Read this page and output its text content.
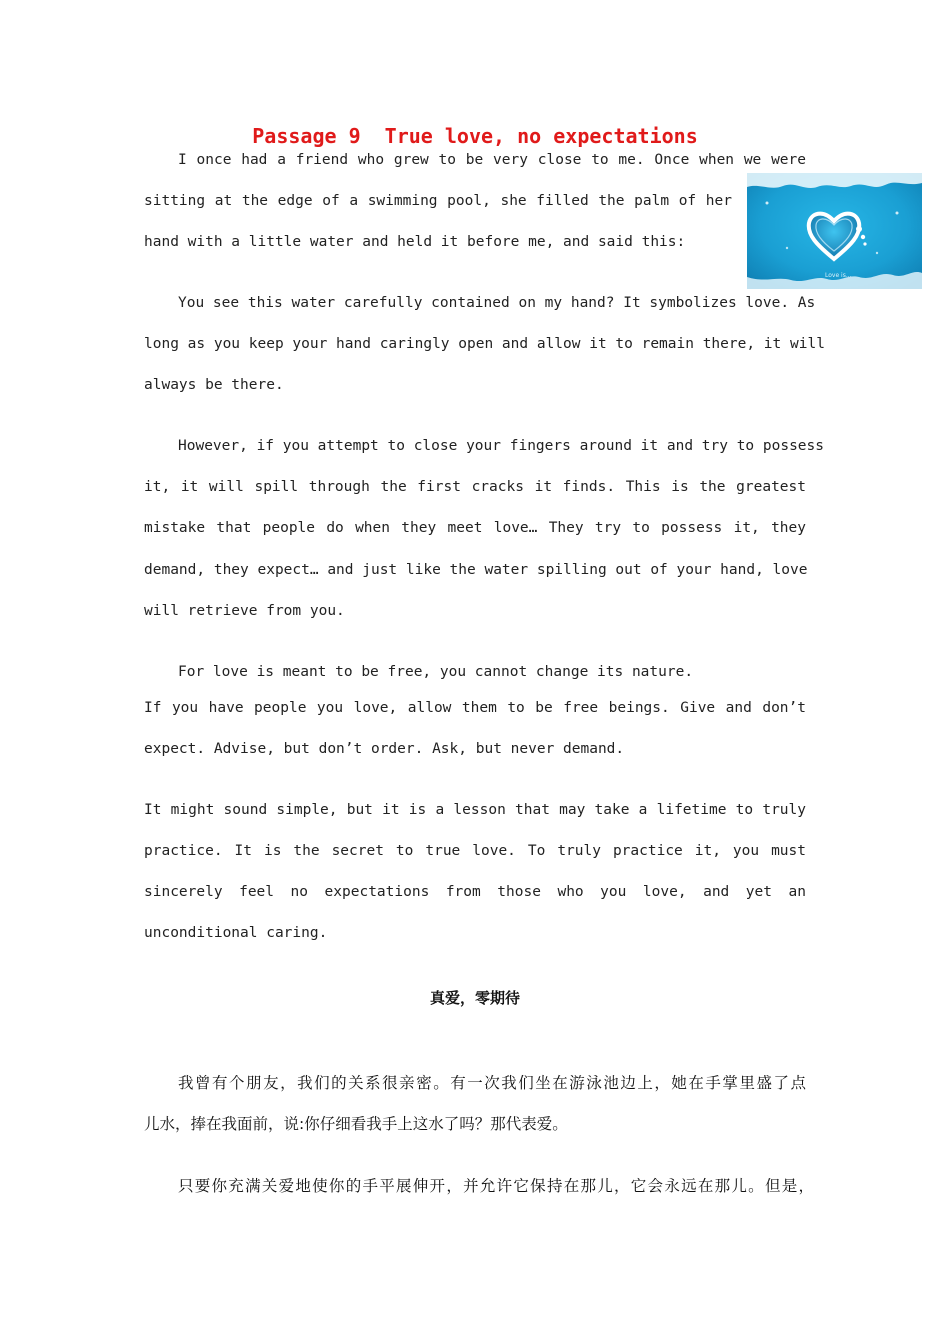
Passage 9  True love, no expectations
I once had a friend who grew to be very close to me. Once when we were
sitting at the edge of a swimming pool, she filled the palm of her
hand with a little water and held it before me, and said this:
You see this water carefully contained on my hand? It symbolizes love. As
long as you keep your hand caringly open and allow it to remain there, it will
always be there.
However, if you attempt to close your fingers around it and try to possess
it, it will spill through the first cracks it finds. This is the greatest
mistake that people do when they meet love… They try to possess it, they
demand, they expect… and just like the water spilling out of your hand, love
will retrieve from you.
For love is meant to be free, you cannot change its nature.
If you have people you love, allow them to be free beings. Give and don’t
expect. Advise, but don’t order. Ask, but never demand.
It might sound simple, but it is a lesson that may take a lifetime to truly
practice. It is the secret to true love. To truly practice it, you must
sincerely feel no expectations from those who you love, and yet an
unconditional caring.
真爱，零期待
我曾有个朋友，我们的关系很亲密。有一次我们坐在游泳池边上，她在手掌里盛了点
儿水，捧在我面前，说:你仔细看我手上这水了吗？那代表爱。
只要你充满关爱地使你的手平展伸开，并允许它保持在那儿，它会永远在那儿。但是，
Love is...
